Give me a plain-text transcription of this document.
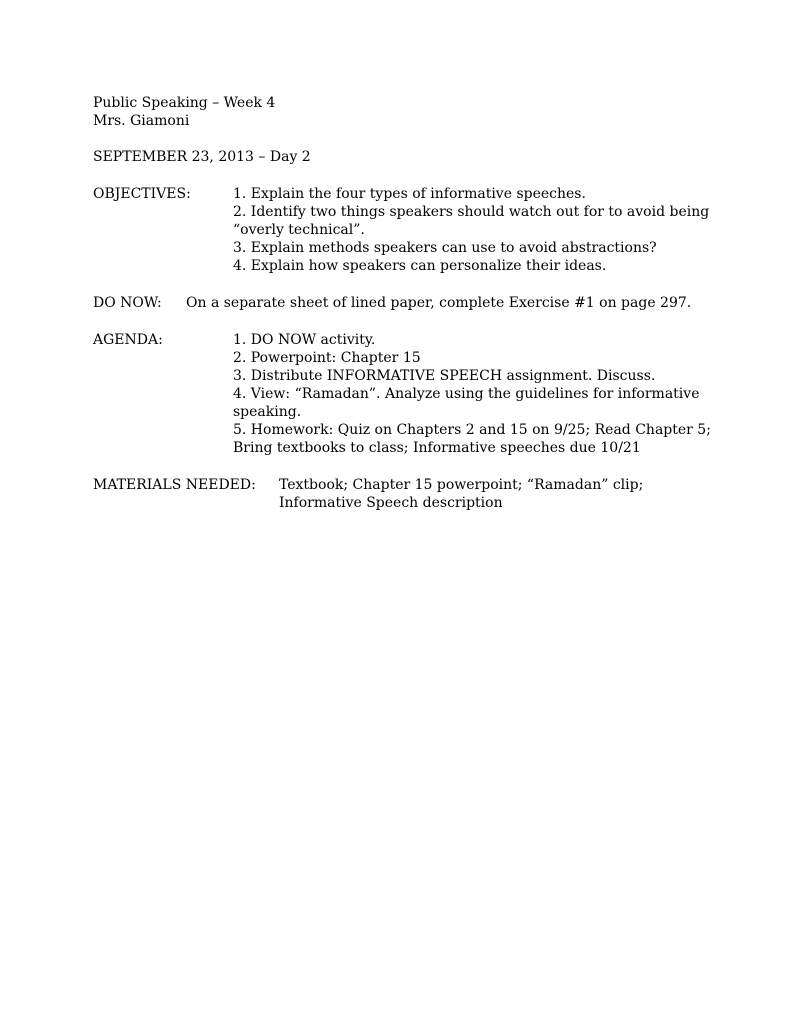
Public Speaking – Week 4
Mrs. Giamoni
SEPTEMBER 23, 2013 – Day 2
OBJECTIVES:	1. Explain the four types of informative speeches.
2. Identify two things speakers should watch out for to avoid being
“overly technical”.
3. Explain methods speakers can use to avoid abstractions?
4. Explain how speakers can personalize their ideas.
DO NOW: On a separate sheet of lined paper, complete Exercise #1 on page 297.
AGENDA:	1. DO NOW activity.
2. Powerpoint: Chapter 15
3. Distribute INFORMATIVE SPEECH assignment. Discuss.
4. View: “Ramadan”. Analyze using the guidelines for informative
speaking.
5. Homework: Quiz on Chapters 2 and 15 on 9/25; Read Chapter 5;
Bring textbooks to class; Informative speeches due 10/21
MATERIALS NEEDED: Textbook; Chapter 15 powerpoint; “Ramadan” clip;
Informative Speech description
